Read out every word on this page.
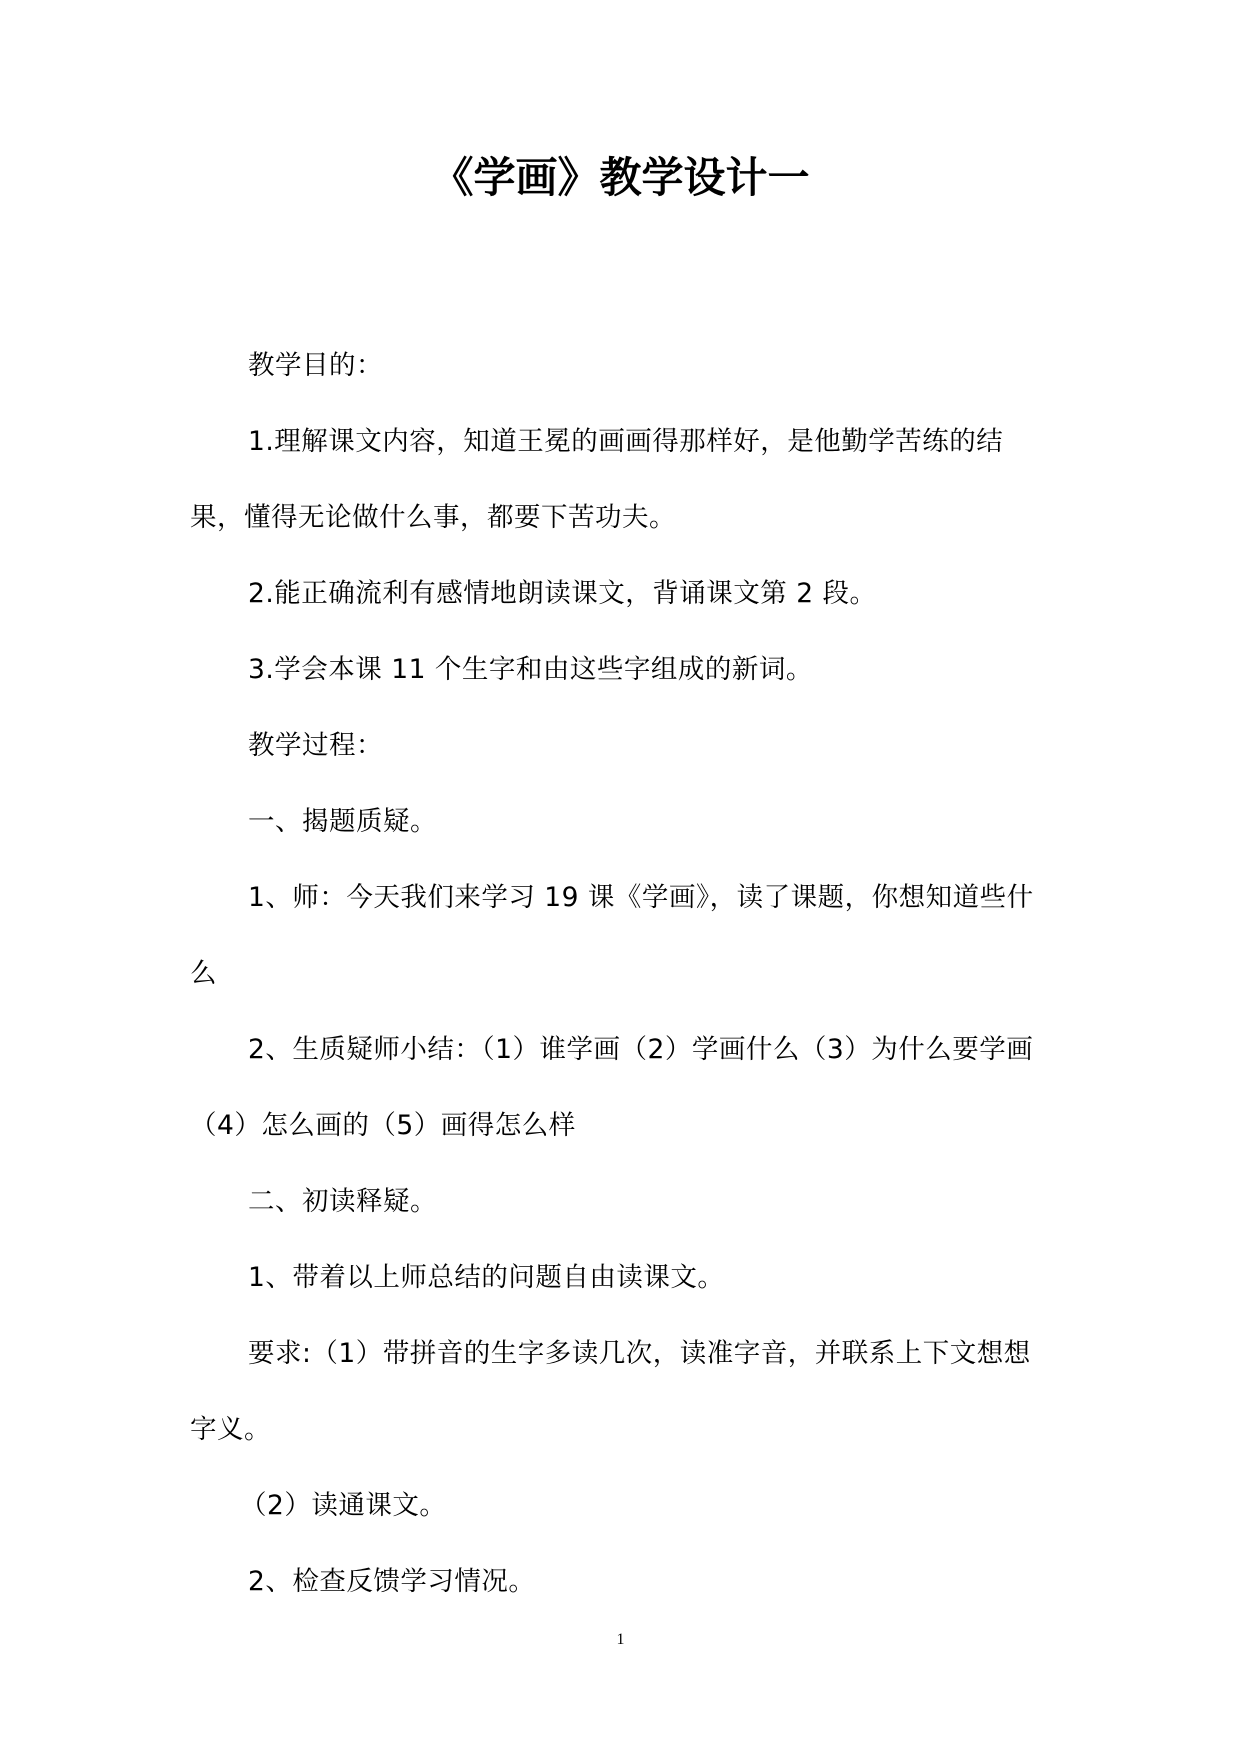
《学画》教学设计一

教学目的：

1.理解课文内容，知道王冕的画画得那样好，是他勤学苦练的结果，懂得无论做什么事，都要下苦功夫。

2.能正确流利有感情地朗读课文，背诵课文第 2 段。

3.学会本课 11 个生字和由这些字组成的新词。

教学过程：

一、揭题质疑。

1、师：今天我们来学习 19 课《学画》，读了课题，你想知道些什么

2、生质疑师小结：（1）谁学画（2）学画什么（3）为什么要学画（4）怎么画的（5）画得怎么样

二、初读释疑。

1、带着以上师总结的问题自由读课文。

要求:（1）带拼音的生字多读几次，读准字音，并联系上下文想想字义。

（2）读通课文。

2、检查反馈学习情况。

1
